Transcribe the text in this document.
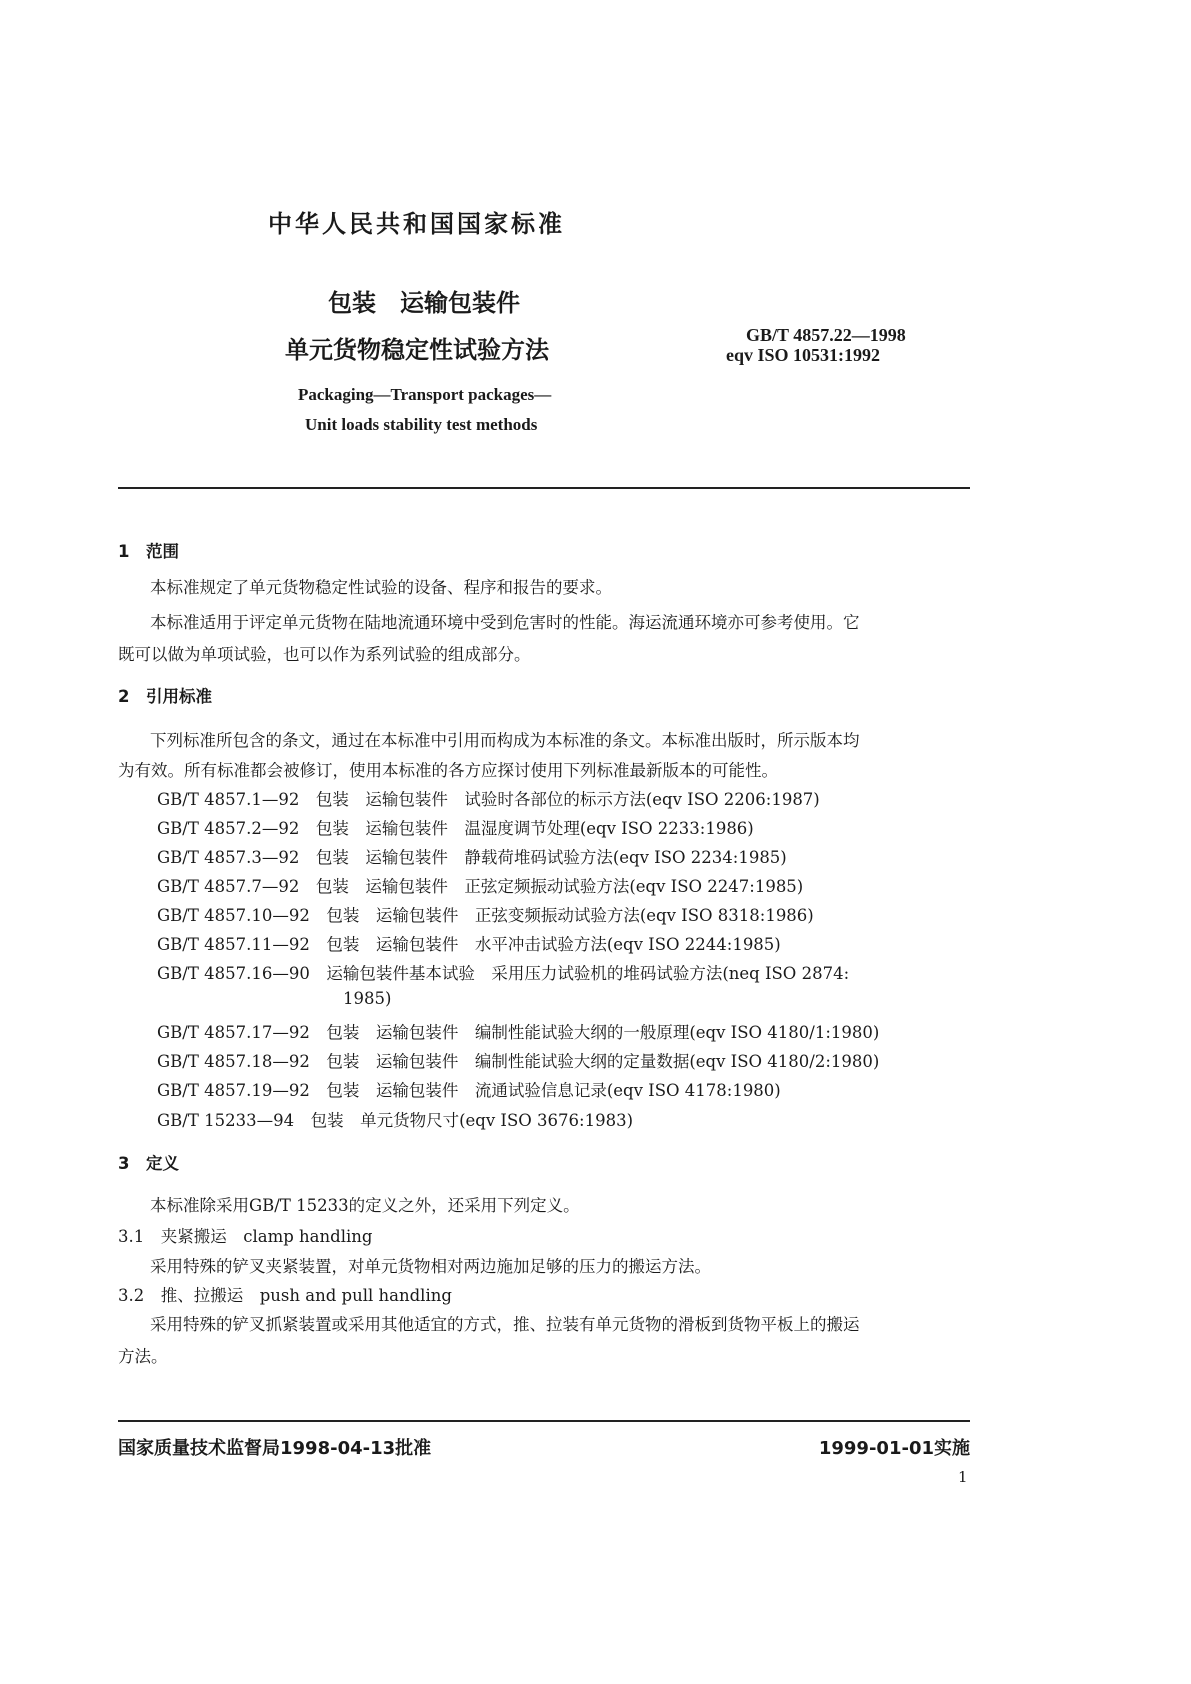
中华人民共和国国家标准
包装　运输包装件
单元货物稳定性试验方法
GB/T 4857.22—1998
eqv ISO 10531:1992
Packaging—Transport packages—
Unit loads stability test methods
1　范围
本标准规定了单元货物稳定性试验的设备、程序和报告的要求。
本标准适用于评定单元货物在陆地流通环境中受到危害时的性能。海运流通环境亦可参考使用。它
既可以做为单项试验，也可以作为系列试验的组成部分。
2　引用标准
下列标准所包含的条文，通过在本标准中引用而构成为本标准的条文。本标准出版时，所示版本均
为有效。所有标准都会被修订，使用本标准的各方应探讨使用下列标准最新版本的可能性。
GB/T 4857.1—92　包装　运输包装件　试验时各部位的标示方法(eqv ISO 2206:1987)
GB/T 4857.2—92　包装　运输包装件　温湿度调节处理(eqv ISO 2233:1986)
GB/T 4857.3—92　包装　运输包装件　静载荷堆码试验方法(eqv ISO 2234:1985)
GB/T 4857.7—92　包装　运输包装件　正弦定频振动试验方法(eqv ISO 2247:1985)
GB/T 4857.10—92　包装　运输包装件　正弦变频振动试验方法(eqv ISO 8318:1986)
GB/T 4857.11—92　包装　运输包装件　水平冲击试验方法(eqv ISO 2244:1985)
GB/T 4857.16—90　运输包装件基本试验　采用压力试验机的堆码试验方法(neq ISO 2874:
1985)
GB/T 4857.17—92　包装　运输包装件　编制性能试验大纲的一般原理(eqv ISO 4180/1:1980)
GB/T 4857.18—92　包装　运输包装件　编制性能试验大纲的定量数据(eqv ISO 4180/2:1980)
GB/T 4857.19—92　包装　运输包装件　流通试验信息记录(eqv ISO 4178:1980)
GB/T 15233—94　包装　单元货物尺寸(eqv ISO 3676:1983)
3　定义
本标准除采用GB/T 15233的定义之外，还采用下列定义。
3.1　夹紧搬运　clamp handling
采用特殊的铲叉夹紧装置，对单元货物相对两边施加足够的压力的搬运方法。
3.2　推、拉搬运　push and pull handling
采用特殊的铲叉抓紧装置或采用其他适宜的方式，推、拉装有单元货物的滑板到货物平板上的搬运
方法。
国家质量技术监督局1998-04-13批准	1999-01-01实施
1
